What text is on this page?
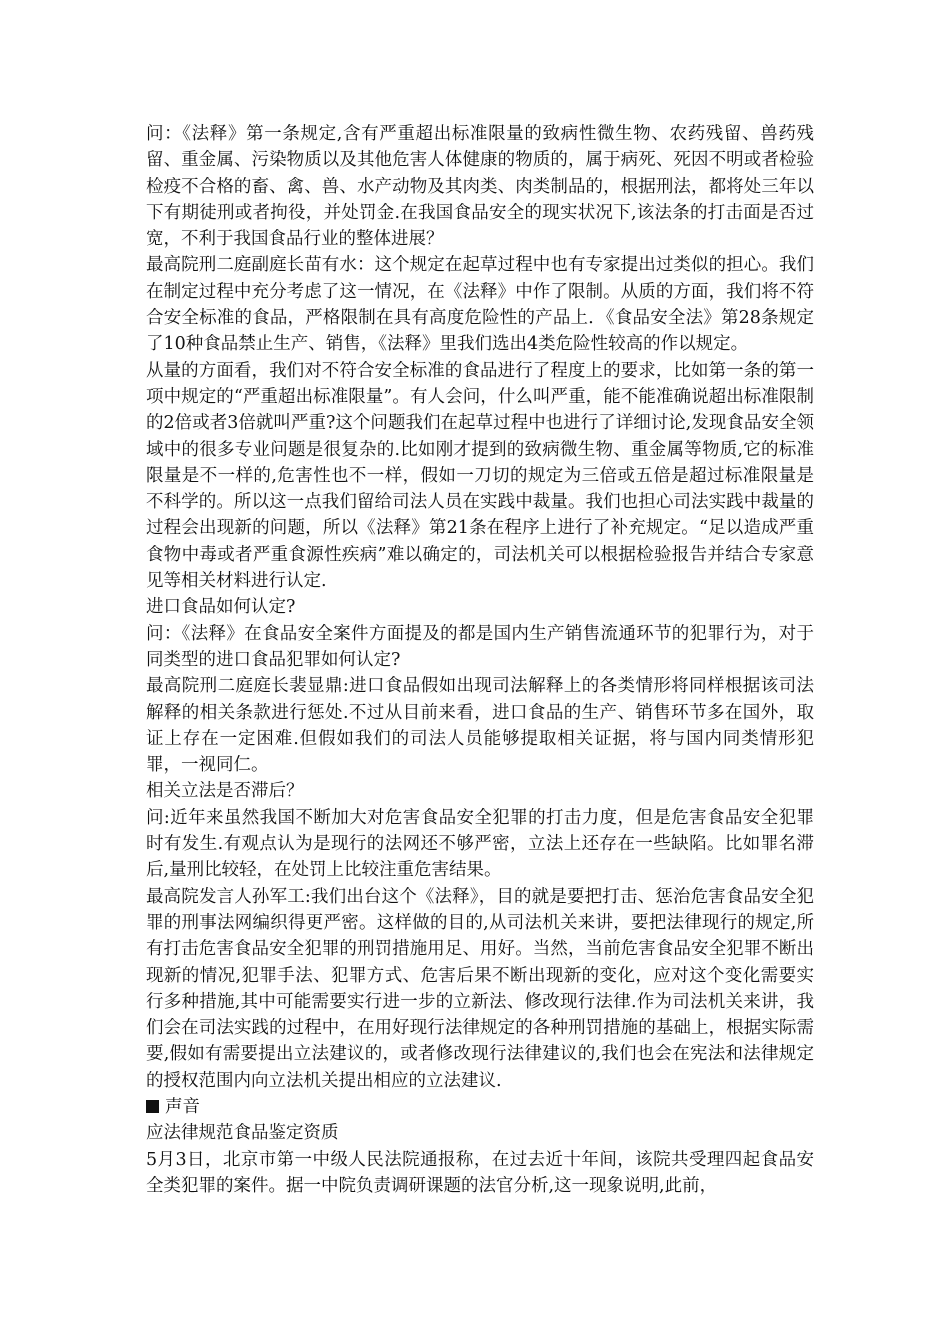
问：《法释》第一条规定,含有严重超出标准限量的致病性微生物、农药残留、兽药残留、重金属、污染物质以及其他危害人体健康的物质的，属于病死、死因不明或者检验检疫不合格的畜、禽、兽、水产动物及其肉类、肉类制品的，根据刑法，都将处三年以下有期徒刑或者拘役，并处罚金.在我国食品安全的现实状况下,该法条的打击面是否过宽，不利于我国食品行业的整体进展？

最高院刑二庭副庭长苗有水：这个规定在起草过程中也有专家提出过类似的担心。我们在制定过程中充分考虑了这一情况，在《法释》中作了限制。从质的方面，我们将不符合安全标准的食品，严格限制在具有高度危险性的产品上．《食品安全法》第28条规定了10种食品禁止生产、销售，《法释》里我们选出4类危险性较高的作以规定。

从量的方面看，我们对不符合安全标准的食品进行了程度上的要求，比如第一条的第一项中规定的“严重超出标准限量”。有人会问，什么叫严重，能不能准确说超出标准限制的2倍或者3倍就叫严重?这个问题我们在起草过程中也进行了详细讨论,发现食品安全领域中的很多专业问题是很复杂的.比如刚才提到的致病微生物、重金属等物质,它的标准限量是不一样的,危害性也不一样，假如一刀切的规定为三倍或五倍是超过标准限量是不科学的。所以这一点我们留给司法人员在实践中裁量。我们也担心司法实践中裁量的过程会出现新的问题，所以《法释》第21条在程序上进行了补充规定。“足以造成严重食物中毒或者严重食源性疾病”难以确定的，司法机关可以根据检验报告并结合专家意见等相关材料进行认定.

进口食品如何认定?

问：《法释》在食品安全案件方面提及的都是国内生产销售流通环节的犯罪行为，对于同类型的进口食品犯罪如何认定?

最高院刑二庭庭长裴显鼎:进口食品假如出现司法解释上的各类情形将同样根据该司法解释的相关条款进行惩处.不过从目前来看，进口食品的生产、销售环节多在国外，取证上存在一定困难.但假如我们的司法人员能够提取相关证据，将与国内同类情形犯罪，一视同仁。

相关立法是否滞后？

问:近年来虽然我国不断加大对危害食品安全犯罪的打击力度，但是危害食品安全犯罪时有发生.有观点认为是现行的法网还不够严密，立法上还存在一些缺陷。比如罪名滞后,量刑比较轻，在处罚上比较注重危害结果。

最高院发言人孙军工:我们出台这个《法释》，目的就是要把打击、惩治危害食品安全犯罪的刑事法网编织得更严密。这样做的目的,从司法机关来讲，要把法律现行的规定,所有打击危害食品安全犯罪的刑罚措施用足、用好。当然，当前危害食品安全犯罪不断出现新的情况,犯罪手法、犯罪方式、危害后果不断出现新的变化，应对这个变化需要实行多种措施,其中可能需要实行进一步的立新法、修改现行法律.作为司法机关来讲，我们会在司法实践的过程中，在用好现行法律规定的各种刑罚措施的基础上，根据实际需要,假如有需要提出立法建议的，或者修改现行法律建议的,我们也会在宪法和法律规定的授权范围内向立法机关提出相应的立法建议.

声音

应法律规范食品鉴定资质

5月3日，北京市第一中级人民法院通报称，在过去近十年间，该院共受理四起食品安全类犯罪的案件。据一中院负责调研课题的法官分析,这一现象说明,此前，
